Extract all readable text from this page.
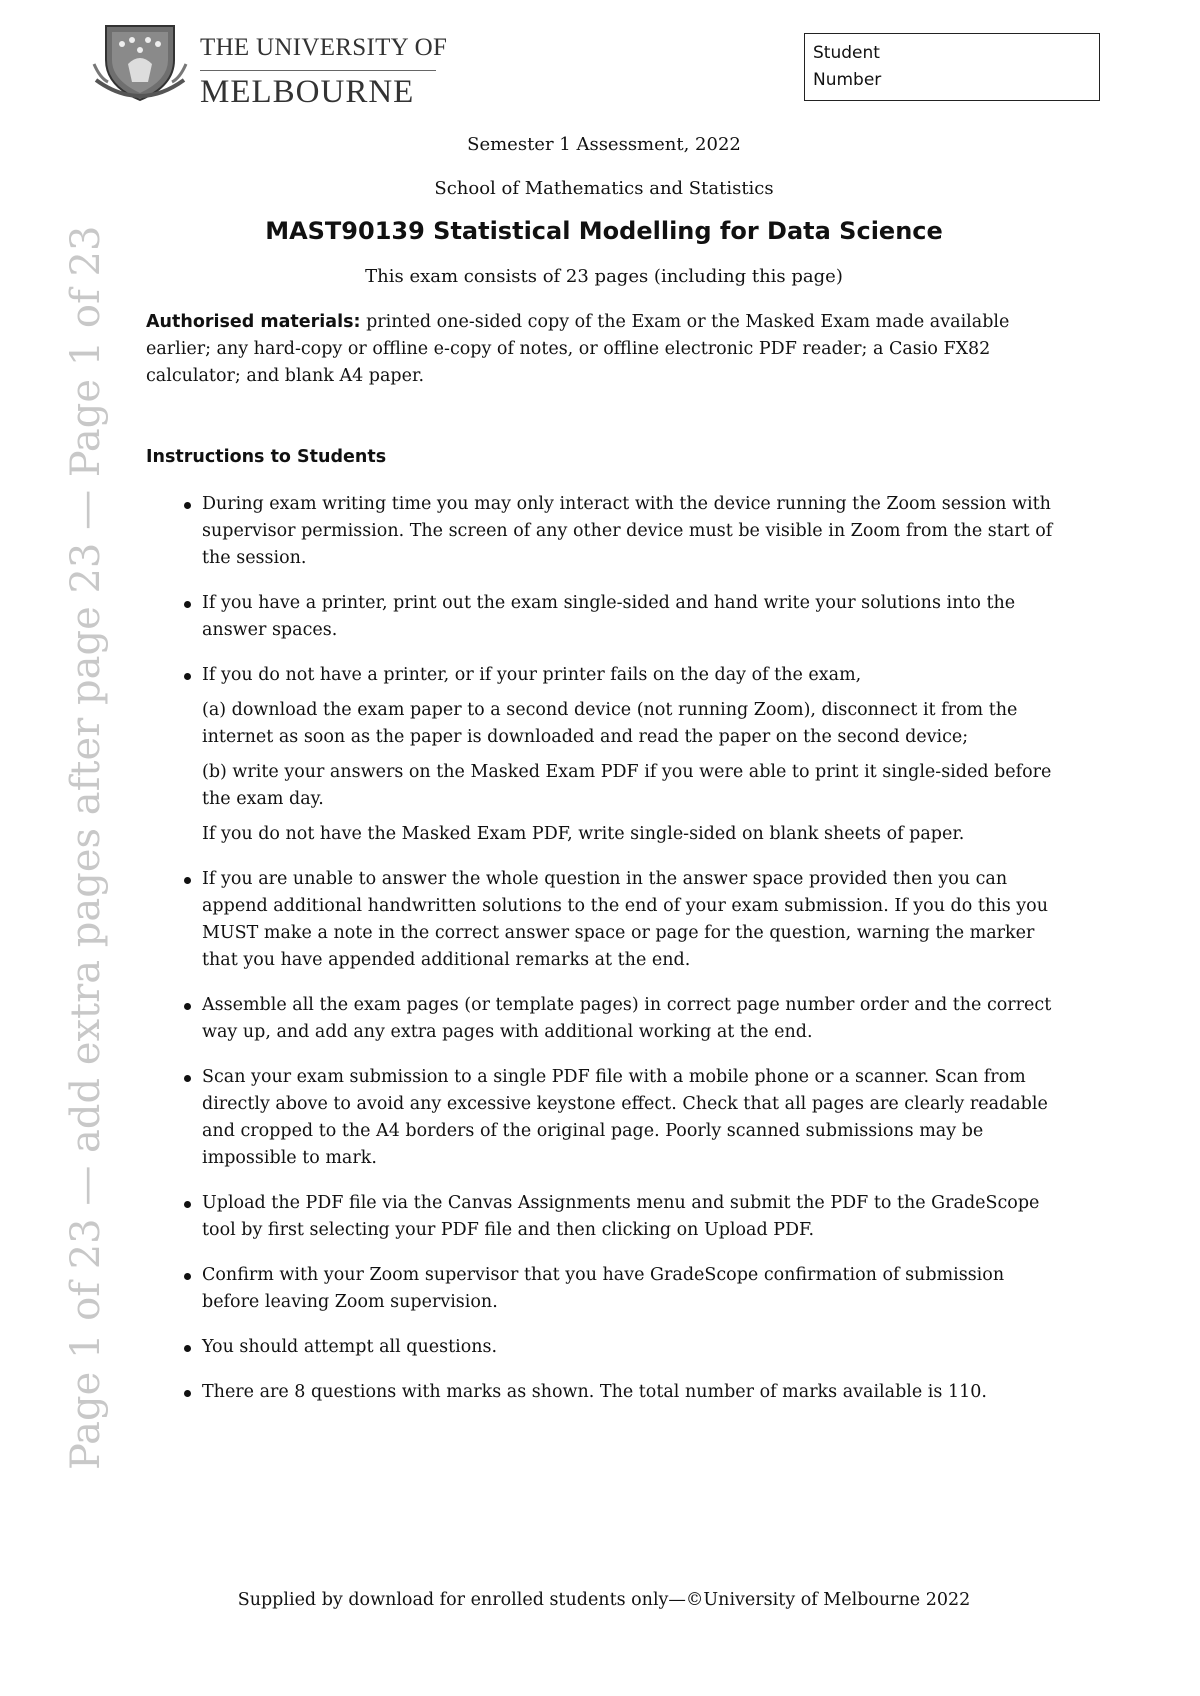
THE UNIVERSITY OF
MELBOURNE
Student
Number
Page 1 of 23 — add extra pages after page 23 — Page 1 of 23
Semester 1 Assessment, 2022
School of Mathematics and Statistics
MAST90139 Statistical Modelling for Data Science
This exam consists of 23 pages (including this page)
Authorised materials: printed one-sided copy of the Exam or the Masked Exam made available earlier; any hard-copy or offline e-copy of notes, or offline electronic PDF reader; a Casio FX82 calculator; and blank A4 paper.
Instructions to Students
During exam writing time you may only interact with the device running the Zoom session with supervisor permission. The screen of any other device must be visible in Zoom from the start of the session.
If you have a printer, print out the exam single-sided and hand write your solutions into the answer spaces.
If you do not have a printer, or if your printer fails on the day of the exam,
(a) download the exam paper to a second device (not running Zoom), disconnect it from the internet as soon as the paper is downloaded and read the paper on the second device;
(b) write your answers on the Masked Exam PDF if you were able to print it single-sided before the exam day.
If you do not have the Masked Exam PDF, write single-sided on blank sheets of paper.
If you are unable to answer the whole question in the answer space provided then you can append additional handwritten solutions to the end of your exam submission. If you do this you MUST make a note in the correct answer space or page for the question, warning the marker that you have appended additional remarks at the end.
Assemble all the exam pages (or template pages) in correct page number order and the correct way up, and add any extra pages with additional working at the end.
Scan your exam submission to a single PDF file with a mobile phone or a scanner. Scan from directly above to avoid any excessive keystone effect. Check that all pages are clearly readable and cropped to the A4 borders of the original page. Poorly scanned submissions may be impossible to mark.
Upload the PDF file via the Canvas Assignments menu and submit the PDF to the GradeScope tool by first selecting your PDF file and then clicking on Upload PDF.
Confirm with your Zoom supervisor that you have GradeScope confirmation of submission before leaving Zoom supervision.
You should attempt all questions.
There are 8 questions with marks as shown. The total number of marks available is 110.
Supplied by download for enrolled students only—©University of Melbourne 2022
